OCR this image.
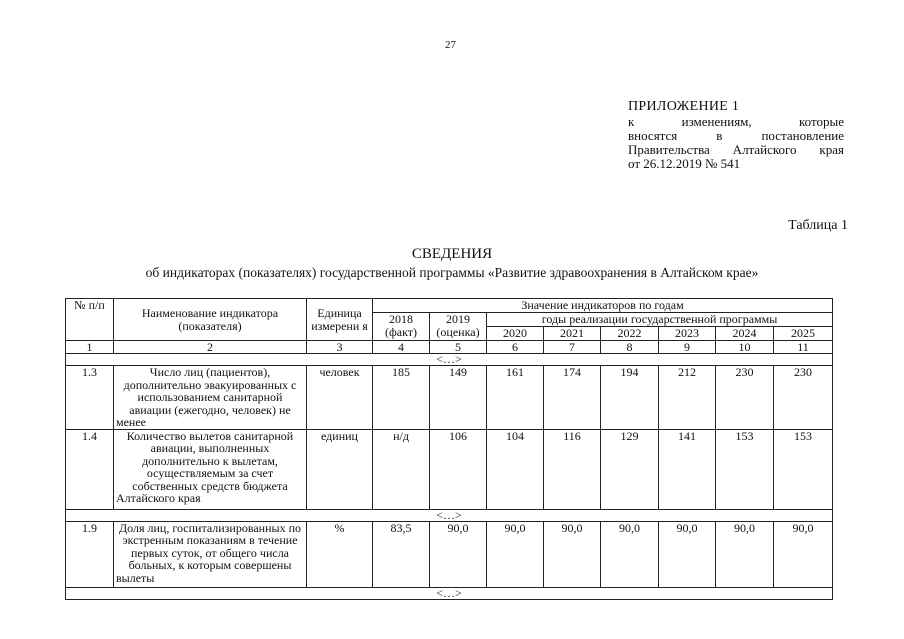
27
ПРИЛОЖЕНИЕ 1
к изменениям, которые
вносятся в постановление
Правительства Алтайского края
от 26.12.2019 № 541
Таблица 1
СВЕДЕНИЯ
об индикаторах (показателях) государственной программы «Развитие здравоохранения в Алтайском крае»
№ п/п	Наименование индикатора (показателя)	Единица измерени я	Значение индикаторов по годам							
			2018 (факт)	2019 (оценка)	годы реализации государственной программы					
					2020	2021	2022	2023	2024	2025
1	2	3	4	5	6	7	8	9	10	11
<…>										
1.3	Число лиц (пациентов), дополнительно эвакуированных с использованием санитарной авиации (ежегодно, человек) не менее	человек	185	149	161	174	194	212	230	230
1.4	Количество вылетов санитарной авиации, выполненных дополнительно к вылетам, осуществляемым за счет собственных средств бюджета Алтайского края	единиц	н/д	106	104	116	129	141	153	153
<…>										
1.9	Доля лиц, госпитализированных по экстренным показаниям в течение первых суток, от общего числа больных, к которым совершены вылеты	%	83,5	90,0	90,0	90,0	90,0	90,0	90,0	90,0
<…>										
